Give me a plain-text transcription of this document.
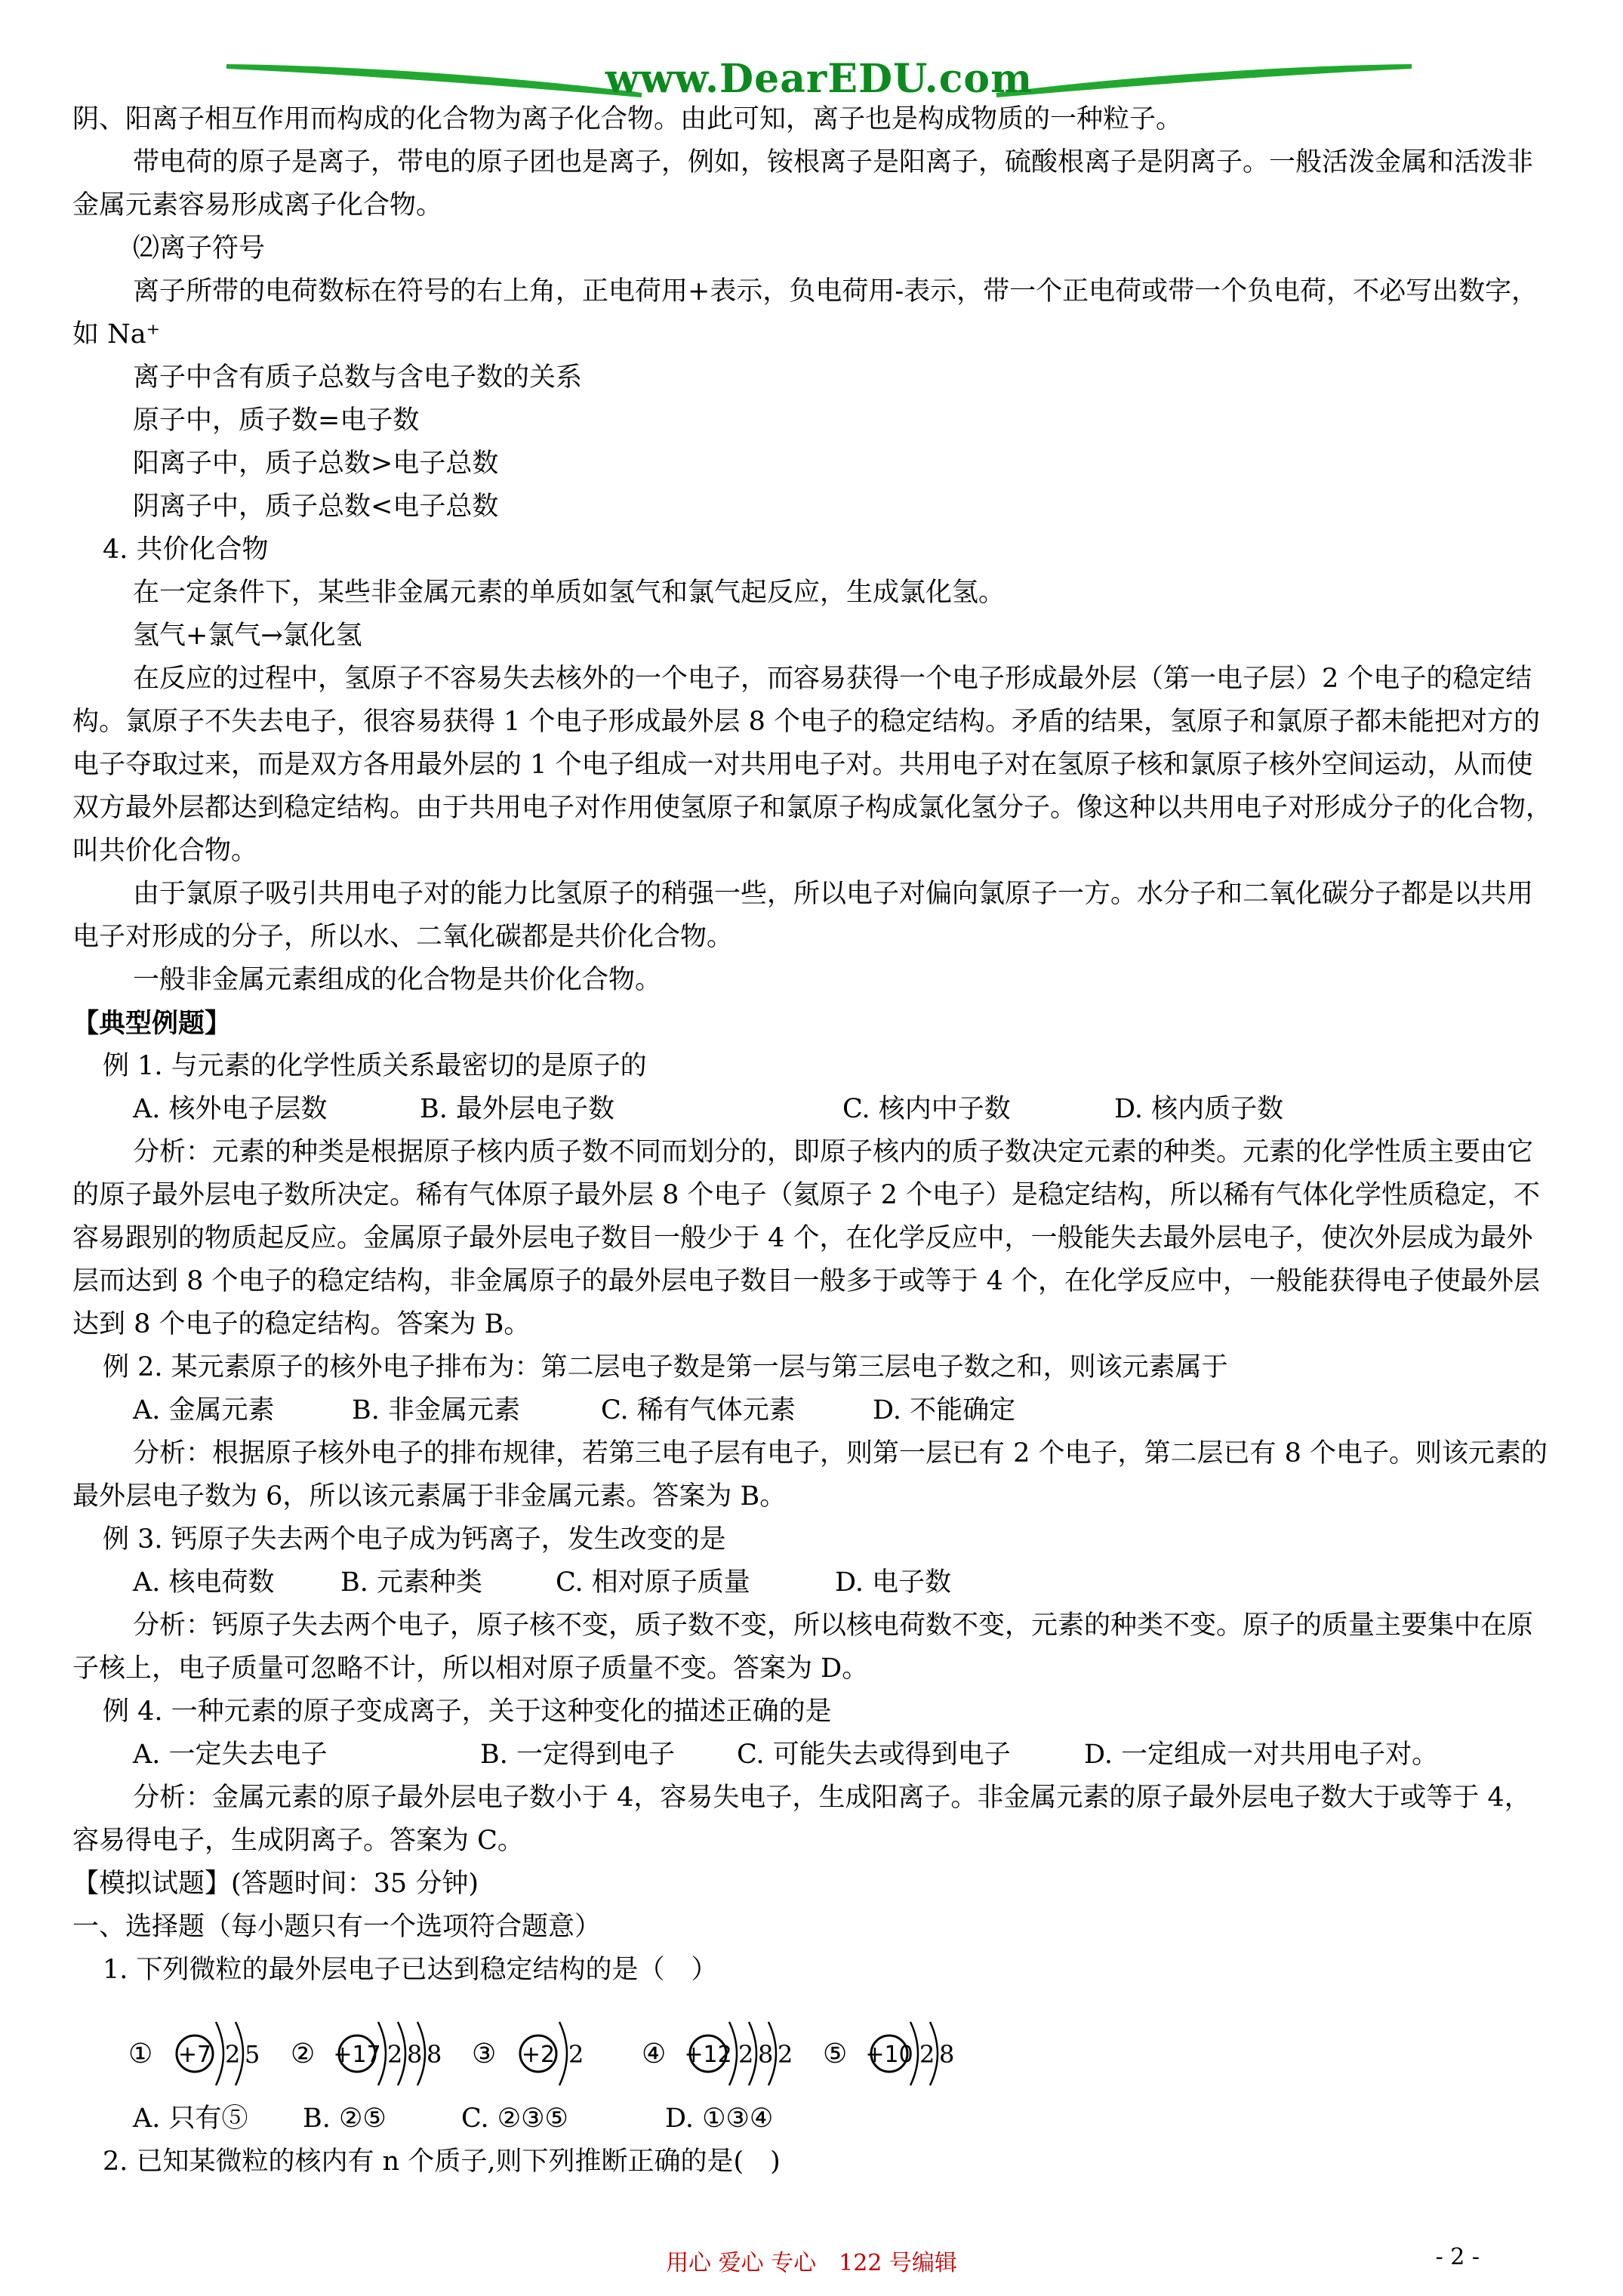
www.DearEDU.com

阴、阳离子相互作用而构成的化合物为离子化合物。由此可知，离子也是构成物质的一种粒子。

带电荷的原子是离子，带电的原子团也是离子，例如，铵根离子是阳离子，硫酸根离子是阴离子。一般活泼金属和活泼非金属元素容易形成离子化合物。

⑵离子符号

离子所带的电荷数标在符号的右上角，正电荷用+表示，负电荷用-表示，带一个正电荷或带一个负电荷，不必写出数字，如 Na⁺

离子中含有质子总数与含电子数的关系

原子中，质子数=电子数

阳离子中，质子总数>电子总数

阴离子中，质子总数<电子总数

4. 共价化合物

在一定条件下，某些非金属元素的单质如氢气和氯气起反应，生成氯化氢。

氢气+氯气→氯化氢

在反应的过程中，氢原子不容易失去核外的一个电子，而容易获得一个电子形成最外层（第一电子层）2 个电子的稳定结构。氯原子不失去电子，很容易获得 1 个电子形成最外层 8 个电子的稳定结构。矛盾的结果，氢原子和氯原子都未能把对方的电子夺取过来，而是双方各用最外层的 1 个电子组成一对共用电子对。共用电子对在氢原子核和氯原子核外空间运动，从而使双方最外层都达到稳定结构。由于共用电子对作用使氢原子和氯原子构成氯化氢分子。像这种以共用电子对形成分子的化合物，叫共价化合物。

由于氯原子吸引共用电子对的能力比氢原子的稍强一些，所以电子对偏向氯原子一方。水分子和二氧化碳分子都是以共用电子对形成的分子，所以水、二氧化碳都是共价化合物。

一般非金属元素组成的化合物是共价化合物。

【典型例题】

例 1. 与元素的化学性质关系最密切的是原子的

A. 核外电子层数	B. 最外层电子数	C. 核内中子数	D. 核内质子数

分析：元素的种类是根据原子核内质子数不同而划分的，即原子核内的质子数决定元素的种类。元素的化学性质主要由它的原子最外层电子数所决定。稀有气体原子最外层 8 个电子（氦原子 2 个电子）是稳定结构，所以稀有气体化学性质稳定，不容易跟别的物质起反应。金属原子最外层电子数目一般少于 4 个，在化学反应中，一般能失去最外层电子，使次外层成为最外层而达到 8 个电子的稳定结构，非金属原子的最外层电子数目一般多于或等于 4 个，在化学反应中，一般能获得电子使最外层达到 8 个电子的稳定结构。答案为 B。

例 2. 某元素原子的核外电子排布为：第二层电子数是第一层与第三层电子数之和，则该元素属于

A. 金属元素	B. 非金属元素	C. 稀有气体元素	D. 不能确定

分析：根据原子核外电子的排布规律，若第三电子层有电子，则第一层已有 2 个电子，第二层已有 8 个电子。则该元素的最外层电子数为 6，所以该元素属于非金属元素。答案为 B。

例 3. 钙原子失去两个电子成为钙离子，发生改变的是

A. 核电荷数	B. 元素种类	C. 相对原子质量	D. 电子数

分析：钙原子失去两个电子，原子核不变，质子数不变，所以核电荷数不变，元素的种类不变。原子的质量主要集中在原子核上，电子质量可忽略不计，所以相对原子质量不变。答案为 D。

例 4. 一种元素的原子变成离子，关于这种变化的描述正确的是

A. 一定失去电子	B. 一定得到电子	C. 可能失去或得到电子	D. 一定组成一对共用电子对。

分析：金属元素的原子最外层电子数小于 4，容易失电子，生成阳离子。非金属元素的原子最外层电子数大于或等于 4，容易得电子，生成阴离子。答案为 C。

【模拟试题】(答题时间：35 分钟)

一、选择题（每小题只有一个选项符合题意）

1. 下列微粒的最外层电子已达到稳定结构的是（　）

① +7 2 5 ② +17 2 8 8 ③ +2 2 ④ +12 2 8 2 ⑤ +10 2 8
A. 只有⑤	B. ②⑤	C. ②③⑤	D. ①③④

2. 已知某微粒的核内有 n 个质子,则下列推断正确的是(　)

用心 爱心 专心　122 号编辑	- 2 -
